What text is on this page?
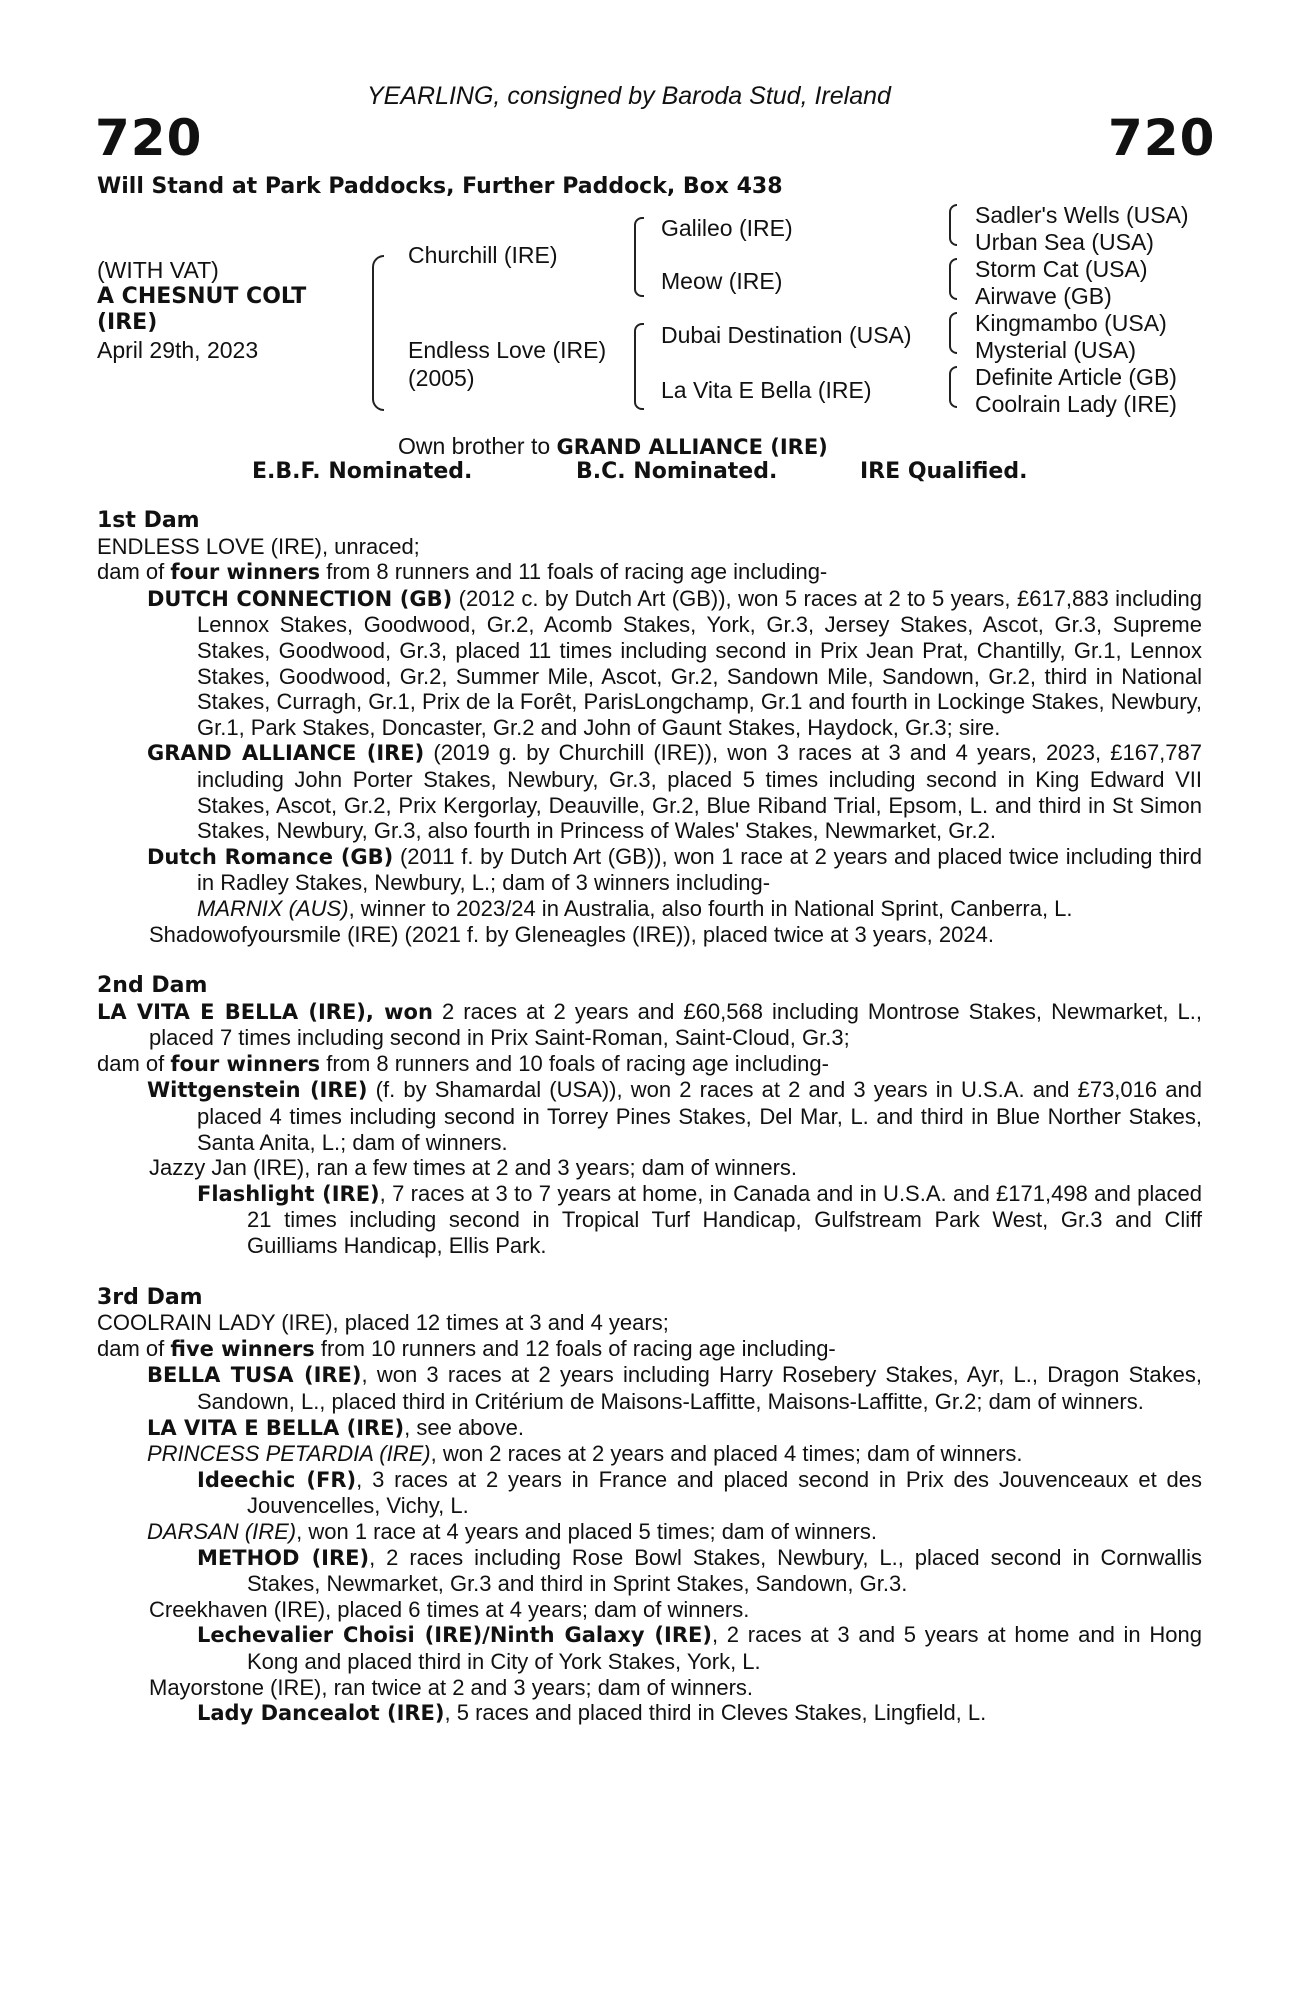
720	720
YEARLING, consigned by Baroda Stud, Ireland
Will Stand at Park Paddocks, Further Paddock, Box 438
(WITH VAT)
A CHESNUT COLT
(IRE)
April 29th, 2023
Churchill (IRE)
Endless Love (IRE)
(2005)
Galileo (IRE)
Meow (IRE)
Dubai Destination (USA)
La Vita E Bella (IRE)
Sadler's Wells (USA)
Urban Sea (USA)
Storm Cat (USA)
Airwave (GB)
Kingmambo (USA)
Mysterial (USA)
Definite Article (GB)
Coolrain Lady (IRE)
Own brother to GRAND ALLIANCE (IRE)
E.B.F. Nominated.	B.C. Nominated.	IRE Qualified.
1st Dam
ENDLESS LOVE (IRE), unraced;
dam of four winners from 8 runners and 11 foals of racing age including-
DUTCH CONNECTION (GB) (2012 c. by Dutch Art (GB)), won 5 races at 2 to 5 years, £617,883 including Lennox Stakes, Goodwood, Gr.2, Acomb Stakes, York, Gr.3, Jersey Stakes, Ascot, Gr.3, Supreme Stakes, Goodwood, Gr.3, placed 11 times including second in Prix Jean Prat, Chantilly, Gr.1, Lennox Stakes, Goodwood, Gr.2, Summer Mile, Ascot, Gr.2, Sandown Mile, Sandown, Gr.2, third in National Stakes, Curragh, Gr.1, Prix de la Forêt, ParisLongchamp, Gr.1 and fourth in Lockinge Stakes, Newbury, Gr.1, Park Stakes, Doncaster, Gr.2 and John of Gaunt Stakes, Haydock, Gr.3; sire.
GRAND ALLIANCE (IRE) (2019 g. by Churchill (IRE)), won 3 races at 3 and 4 years, 2023, £167,787 including John Porter Stakes, Newbury, Gr.3, placed 5 times including second in King Edward VII Stakes, Ascot, Gr.2, Prix Kergorlay, Deauville, Gr.2, Blue Riband Trial, Epsom, L. and third in St Simon Stakes, Newbury, Gr.3, also fourth in Princess of Wales' Stakes, Newmarket, Gr.2.
Dutch Romance (GB) (2011 f. by Dutch Art (GB)), won 1 race at 2 years and placed twice including third in Radley Stakes, Newbury, L.; dam of 3 winners including-
MARNIX (AUS), winner to 2023/24 in Australia, also fourth in National Sprint, Canberra, L.
Shadowofyoursmile (IRE) (2021 f. by Gleneagles (IRE)), placed twice at 3 years, 2024.
2nd Dam
LA VITA E BELLA (IRE), won 2 races at 2 years and £60,568 including Montrose Stakes, Newmarket, L., placed 7 times including second in Prix Saint-Roman, Saint-Cloud, Gr.3;
dam of four winners from 8 runners and 10 foals of racing age including-
Wittgenstein (IRE) (f. by Shamardal (USA)), won 2 races at 2 and 3 years in U.S.A. and £73,016 and placed 4 times including second in Torrey Pines Stakes, Del Mar, L. and third in Blue Norther Stakes, Santa Anita, L.; dam of winners.
Jazzy Jan (IRE), ran a few times at 2 and 3 years; dam of winners.
Flashlight (IRE), 7 races at 3 to 7 years at home, in Canada and in U.S.A. and £171,498 and placed 21 times including second in Tropical Turf Handicap, Gulfstream Park West, Gr.3 and Cliff Guilliams Handicap, Ellis Park.
3rd Dam
COOLRAIN LADY (IRE), placed 12 times at 3 and 4 years;
dam of five winners from 10 runners and 12 foals of racing age including-
BELLA TUSA (IRE), won 3 races at 2 years including Harry Rosebery Stakes, Ayr, L., Dragon Stakes, Sandown, L., placed third in Critérium de Maisons-Laffitte, Maisons-Laffitte, Gr.2; dam of winners.
LA VITA E BELLA (IRE), see above.
PRINCESS PETARDIA (IRE), won 2 races at 2 years and placed 4 times; dam of winners.
Ideechic (FR), 3 races at 2 years in France and placed second in Prix des Jouvenceaux et des Jouvencelles, Vichy, L.
DARSAN (IRE), won 1 race at 4 years and placed 5 times; dam of winners.
METHOD (IRE), 2 races including Rose Bowl Stakes, Newbury, L., placed second in Cornwallis Stakes, Newmarket, Gr.3 and third in Sprint Stakes, Sandown, Gr.3.
Creekhaven (IRE), placed 6 times at 4 years; dam of winners.
Lechevalier Choisi (IRE)/Ninth Galaxy (IRE), 2 races at 3 and 5 years at home and in Hong Kong and placed third in City of York Stakes, York, L.
Mayorstone (IRE), ran twice at 2 and 3 years; dam of winners.
Lady Dancealot (IRE), 5 races and placed third in Cleves Stakes, Lingfield, L.
